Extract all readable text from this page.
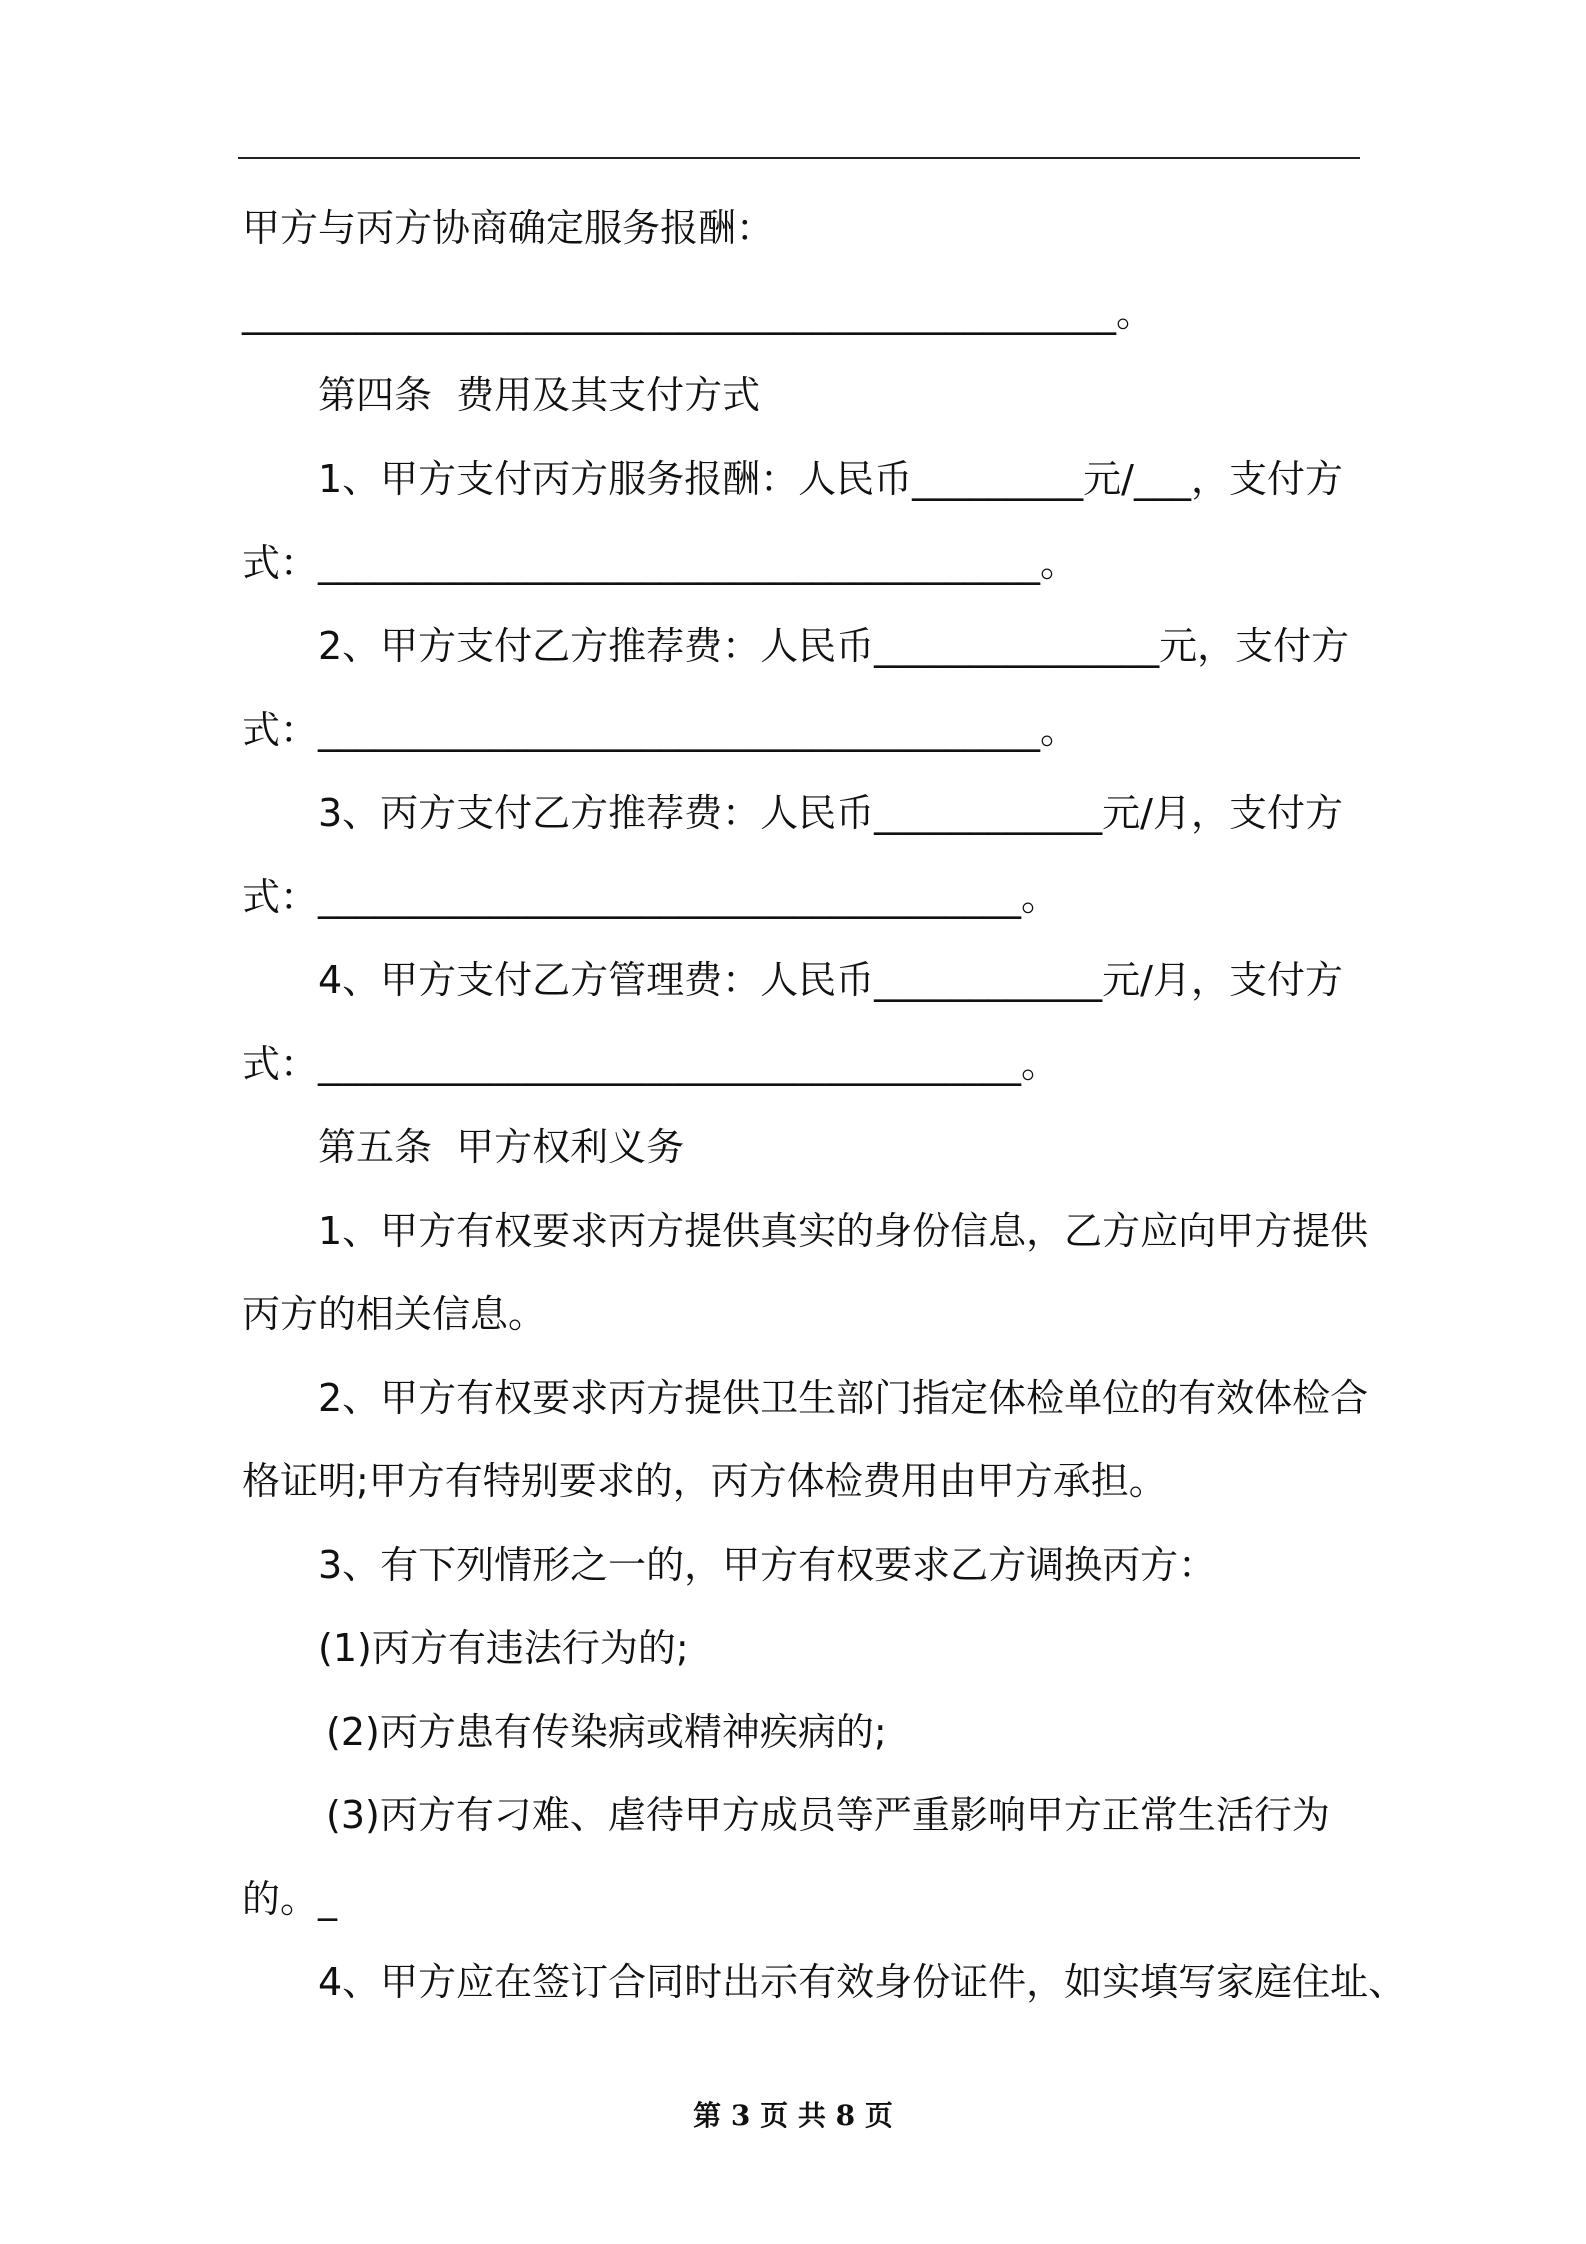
甲方与丙方协商确定服务报酬：
______________________________________________。
第四条  费用及其支付方式
1、甲方支付丙方服务报酬：人民币_________元/___，支付方
式：______________________________________。
2、甲方支付乙方推荐费：人民币_______________元，支付方
式：______________________________________。
3、丙方支付乙方推荐费：人民币____________元/月，支付方
式：_____________________________________。
4、甲方支付乙方管理费：人民币____________元/月，支付方
式：_____________________________________。
第五条  甲方权利义务
1、甲方有权要求丙方提供真实的身份信息，乙方应向甲方提供
丙方的相关信息。
2、甲方有权要求丙方提供卫生部门指定体检单位的有效体检合
格证明;甲方有特别要求的，丙方体检费用由甲方承担。
3、有下列情形之一的，甲方有权要求乙方调换丙方：
(1)丙方有违法行为的;
(2)丙方患有传染病或精神疾病的;
(3)丙方有刁难、虐待甲方成员等严重影响甲方正常生活行为
的。_
4、甲方应在签订合同时出示有效身份证件，如实填写家庭住址、
第 3 页 共 8 页
